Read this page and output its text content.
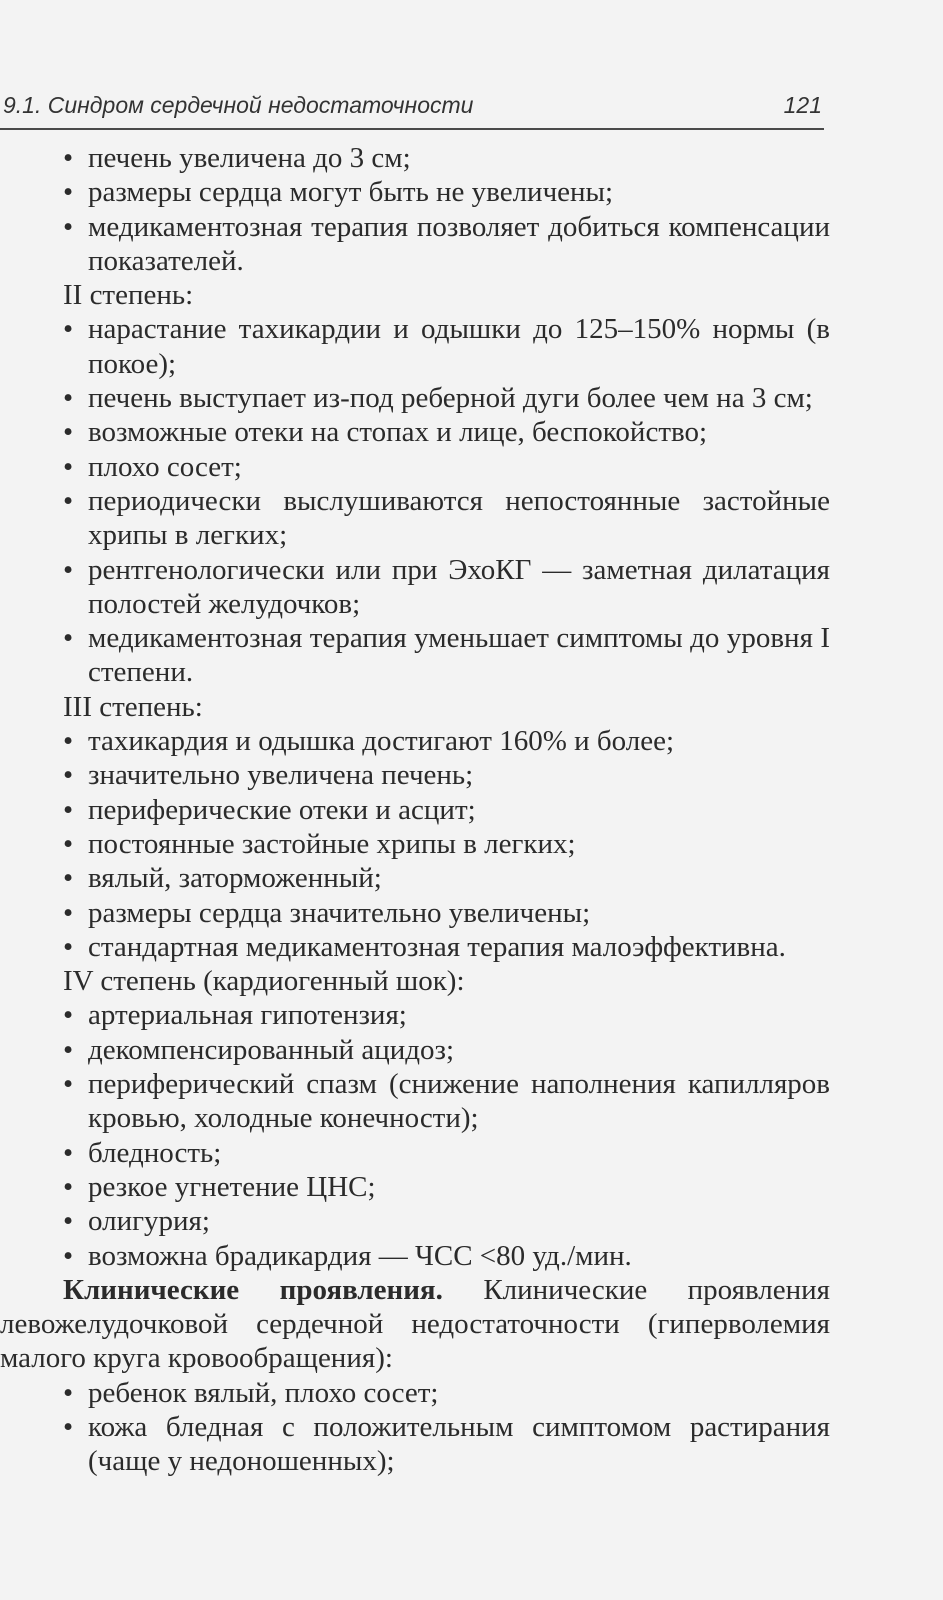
9.1. Синдром сердечной недостаточности	121
• печень увеличена до 3 см;
• размеры сердца могут быть не увеличены;
• медикаментозная терапия позволяет добиться компенсации показателей.
II степень:
• нарастание тахикардии и одышки до 125–150% нормы (в покое);
• печень выступает из-под реберной дуги более чем на 3 см;
• возможные отеки на стопах и лице, беспокойство;
• плохо сосет;
• периодически выслушиваются непостоянные застойные хрипы в легких;
• рентгенологически или при ЭхоКГ — заметная дилатация полостей желудочков;
• медикаментозная терапия уменьшает симптомы до уровня I степени.
III степень:
• тахикардия и одышка достигают 160% и более;
• значительно увеличена печень;
• периферические отеки и асцит;
• постоянные застойные хрипы в легких;
• вялый, заторможенный;
• размеры сердца значительно увеличены;
• стандартная медикаментозная терапия малоэффективна.
IV степень (кардиогенный шок):
• артериальная гипотензия;
• декомпенсированный ацидоз;
• периферический спазм (снижение наполнения капилляров кровью, холодные конечности);
• бледность;
• резкое угнетение ЦНС;
• олигурия;
• возможна брадикардия — ЧСС <80 уд./мин.

Клинические проявления. Клинические проявления левожелудочковой сердечной недостаточности (гиперволемия малого круга кровообращения):

• ребенок вялый, плохо сосет;
• кожа бледная с положительным симптомом растирания (чаще у недоношенных);
